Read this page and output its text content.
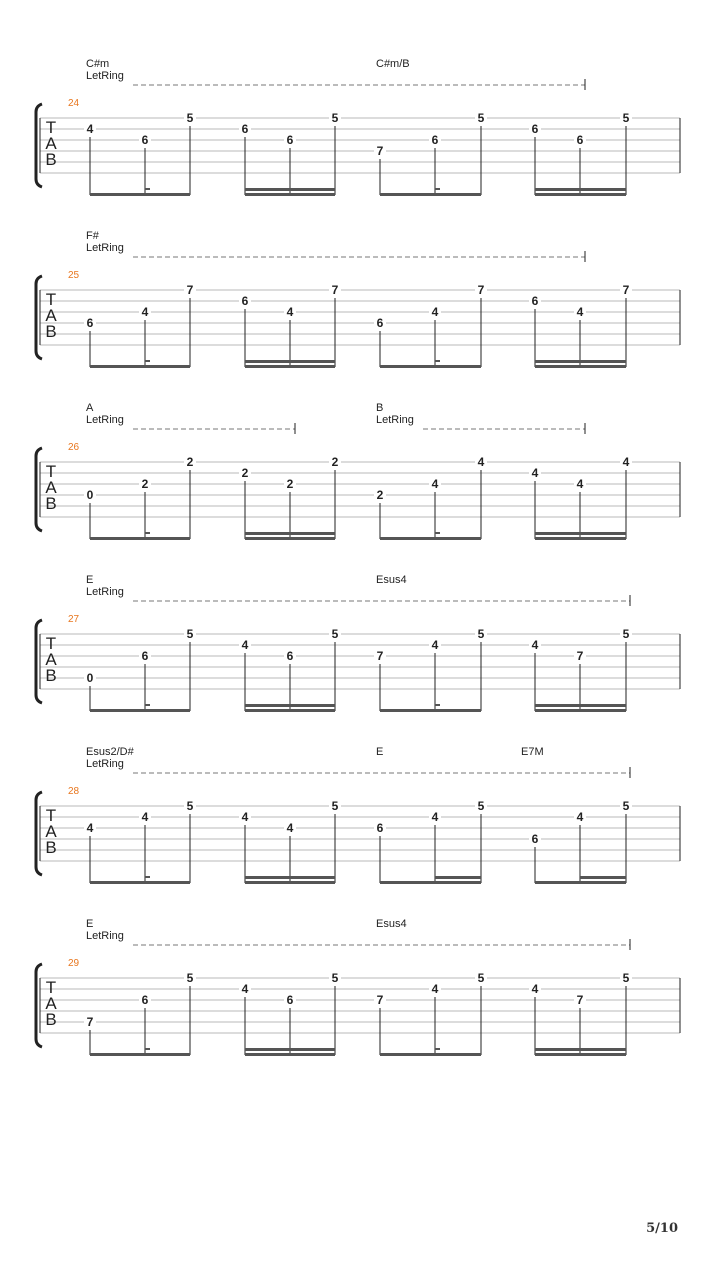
C#m	C#m/B
LetRing
24
T
A
B
4
6
5
6
6
5
7
6
5
6
6
5
F#
LetRing
25
T
A
B 6
4
7
6
4
7
6
4
7
6
4
7
A	B
LetRing	LetRing
26
T
A
B 0
2
2
2
2
2
2
4
4
4
4
4
E	Esus4
LetRing
27
T
A
B 0
6
5
4
6
5
7
4
5
4
7
5
Esus2/D#	E	E7M
LetRing
28
T
A
B
4
4
5
4
4
5
6
4
5
6
4
5
E	Esus4
LetRing
29
T
A
B 7
6
5
4
6
5
7
4
5
4
7
5
5/10
